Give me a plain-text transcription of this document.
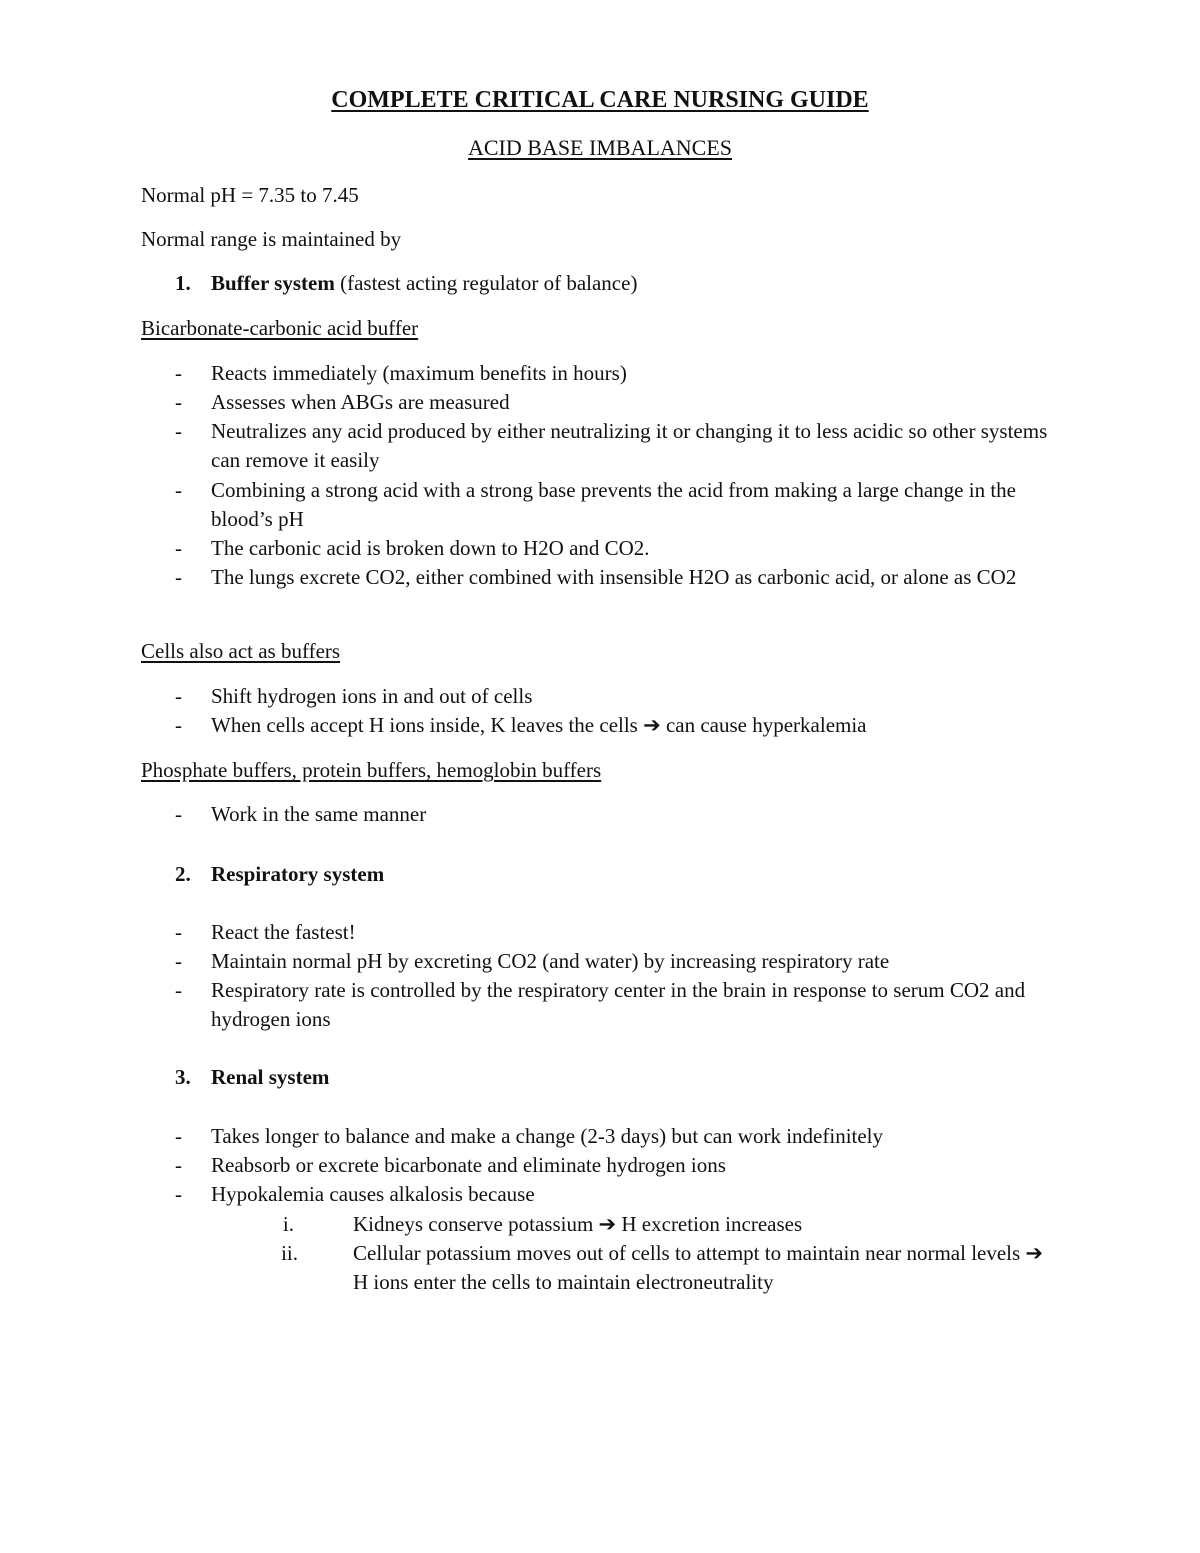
COMPLETE CRITICAL CARE NURSING GUIDE
ACID BASE IMBALANCES
Normal pH = 7.35 to 7.45
Normal range is maintained by
1. Buffer system (fastest acting regulator of balance)
Bicarbonate-carbonic acid buffer
- Reacts immediately (maximum benefits in hours)
- Assesses when ABGs are measured
- Neutralizes any acid produced by either neutralizing it or changing it to less acidic so other systems can remove it easily
- Combining a strong acid with a strong base prevents the acid from making a large change in the blood’s pH
- The carbonic acid is broken down to H2O and CO2.
- The lungs excrete CO2, either combined with insensible H2O as carbonic acid, or alone as CO2
Cells also act as buffers
- Shift hydrogen ions in and out of cells
- When cells accept H ions inside, K leaves the cells ➔ can cause hyperkalemia
Phosphate buffers, protein buffers, hemoglobin buffers
- Work in the same manner
2. Respiratory system
- React the fastest!
- Maintain normal pH by excreting CO2 (and water) by increasing respiratory rate
- Respiratory rate is controlled by the respiratory center in the brain in response to serum CO2 and hydrogen ions
3. Renal system
- Takes longer to balance and make a change (2-3 days) but can work indefinitely
- Reabsorb or excrete bicarbonate and eliminate hydrogen ions
- Hypokalemia causes alkalosis because
i.	Kidneys conserve potassium ➔ H excretion increases
ii.	Cellular potassium moves out of cells to attempt to maintain near normal levels ➔ H ions enter the cells to maintain electroneutrality
